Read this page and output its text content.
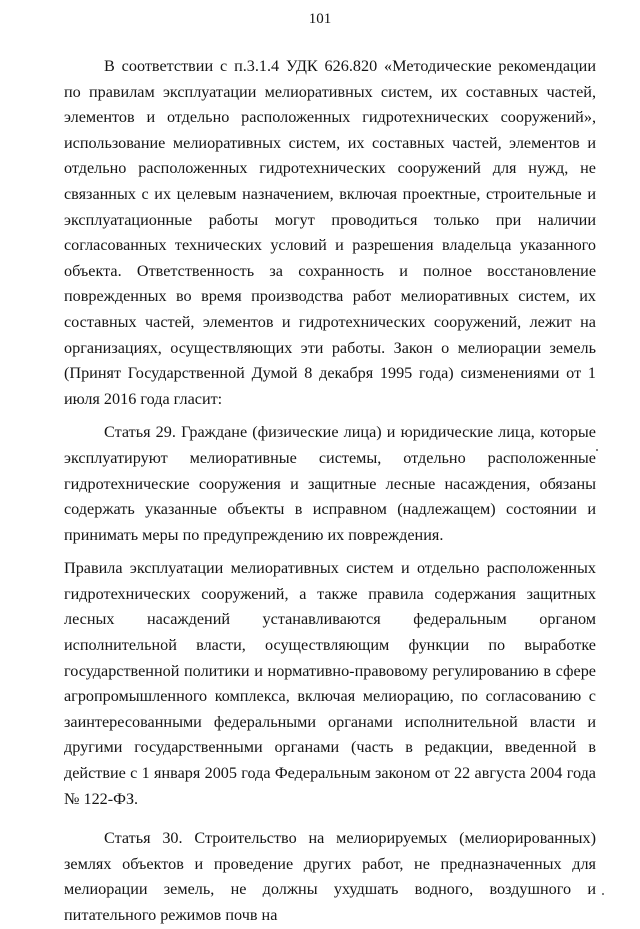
101

В соответствии с п.3.1.4 УДК 626.820 «Методические рекомендации по правилам эксплуатации мелиоративных систем, их составных частей, элементов и отдельно расположенных гидротехнических сооружений», использование мелиоративных систем, их составных частей, элементов и отдельно расположенных гидротехнических сооружений для нужд, не связанных с их целевым назначением, включая проектные, строительные и эксплуатационные работы могут проводиться только при наличии согласованных технических условий и разрешения владельца указанного объекта. Ответственность за сохранность и полное восстановление поврежденных во время производства работ мелиоративных систем, их составных частей, элементов и гидротехнических сооружений, лежит на организациях, осуществляющих эти работы. Закон о мелиорации земель (Принят Государственной Думой 8 декабря 1995 года) сизменениями от 1 июля 2016 года гласит:

Статья 29. Граждане (физические лица) и юридические лица, которые эксплуатируют мелиоративные системы, отдельно расположенные гидротехнические сооружения и защитные лесные насаждения, обязаны содержать указанные объекты в исправном (надлежащем) состоянии и принимать меры по предупреждению их повреждения.

Правила эксплуатации мелиоративных систем и отдельно расположенных гидротехнических сооружений, а также правила содержания защитных лесных насаждений устанавливаются федеральным органом исполнительной власти, осуществляющим функции по выработке государственной политики и нормативно-правовому регулированию в сфере агропромышленного комплекса, включая мелиорацию, по согласованию с заинтересованными федеральными органами исполнительной власти и другими государственными органами (часть в редакции, введенной в действие с 1 января 2005 года Федеральным законом от 22 августа 2004 года № 122-ФЗ.

Статья 30. Строительство на мелиорируемых (мелиорированных) землях объектов и проведение других работ, не предназначенных для мелиорации земель, не должны ухудшать водного, воздушного и питательного режимов почв на
